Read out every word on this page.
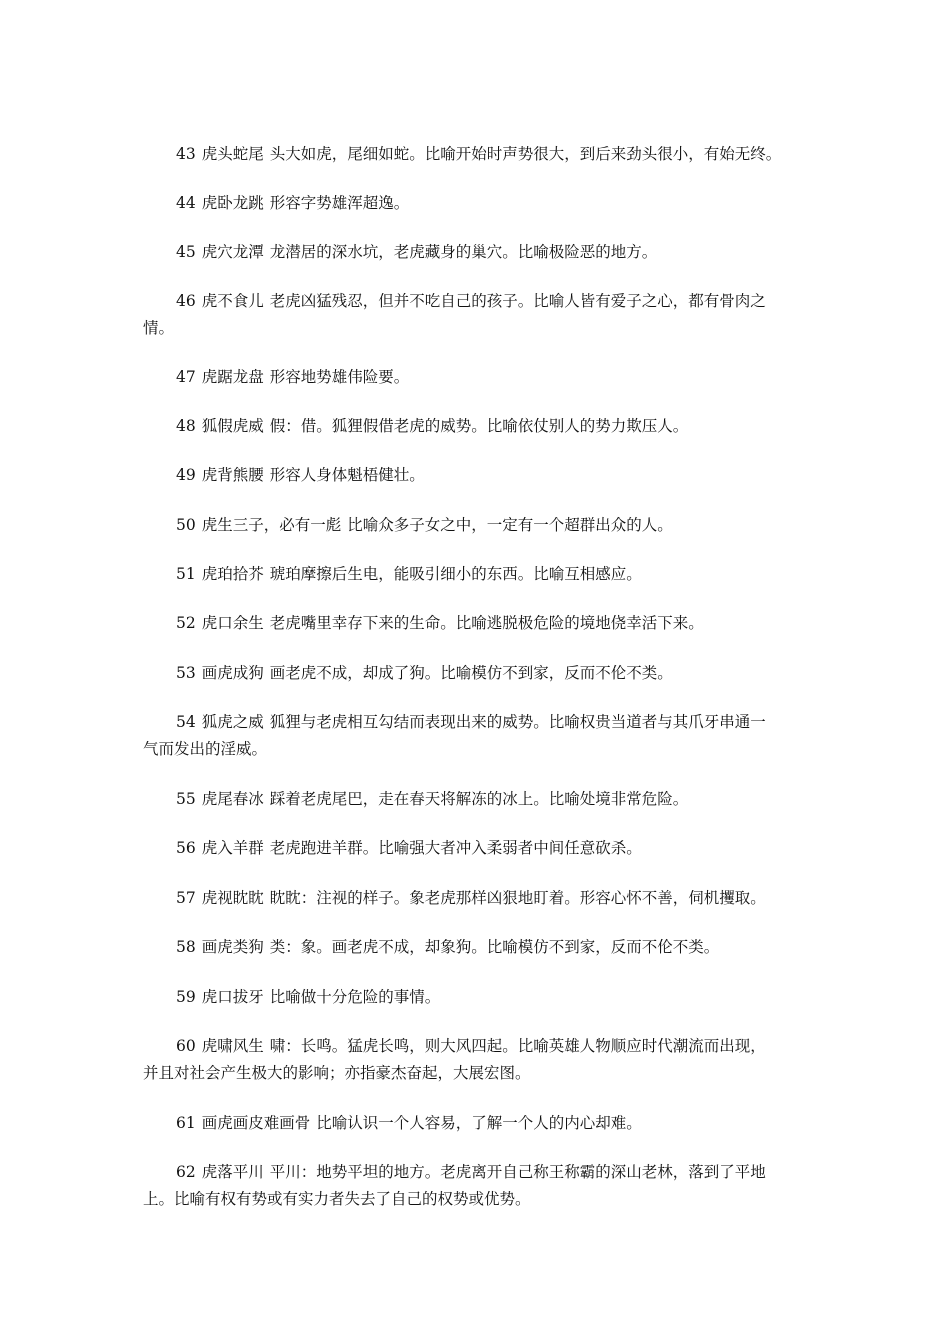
43 虎头蛇尾 头大如虎，尾细如蛇。比喻开始时声势很大，到后来劲头很小，有始无终。

44 虎卧龙跳 形容字势雄浑超逸。

45 虎穴龙潭 龙潜居的深水坑，老虎藏身的巢穴。比喻极险恶的地方。

46 虎不食儿 老虎凶猛残忍，但并不吃自己的孩子。比喻人皆有爱子之心，都有骨肉之
情。

47 虎踞龙盘 形容地势雄伟险要。

48 狐假虎威 假：借。狐狸假借老虎的威势。比喻依仗别人的势力欺压人。

49 虎背熊腰 形容人身体魁梧健壮。

50 虎生三子，必有一彪 比喻众多子女之中，一定有一个超群出众的人。

51 虎珀拾芥 琥珀摩擦后生电，能吸引细小的东西。比喻互相感应。

52 虎口余生 老虎嘴里幸存下来的生命。比喻逃脱极危险的境地侥幸活下来。

53 画虎成狗 画老虎不成，却成了狗。比喻模仿不到家，反而不伦不类。

54 狐虎之威 狐狸与老虎相互勾结而表现出来的威势。比喻权贵当道者与其爪牙串通一
气而发出的淫威。

55 虎尾春冰 踩着老虎尾巴，走在春天将解冻的冰上。比喻处境非常危险。

56 虎入羊群 老虎跑进羊群。比喻强大者冲入柔弱者中间任意砍杀。

57 虎视眈眈 眈眈：注视的样子。象老虎那样凶狠地盯着。形容心怀不善，伺机攫取。

58 画虎类狗 类：象。画老虎不成，却象狗。比喻模仿不到家，反而不伦不类。

59 虎口拔牙 比喻做十分危险的事情。

60 虎啸风生 啸：长鸣。猛虎长鸣，则大风四起。比喻英雄人物顺应时代潮流而出现，
并且对社会产生极大的影响；亦指豪杰奋起，大展宏图。

61 画虎画皮难画骨 比喻认识一个人容易，了解一个人的内心却难。

62 虎落平川 平川：地势平坦的地方。老虎离开自己称王称霸的深山老林，落到了平地
上。比喻有权有势或有实力者失去了自己的权势或优势。
